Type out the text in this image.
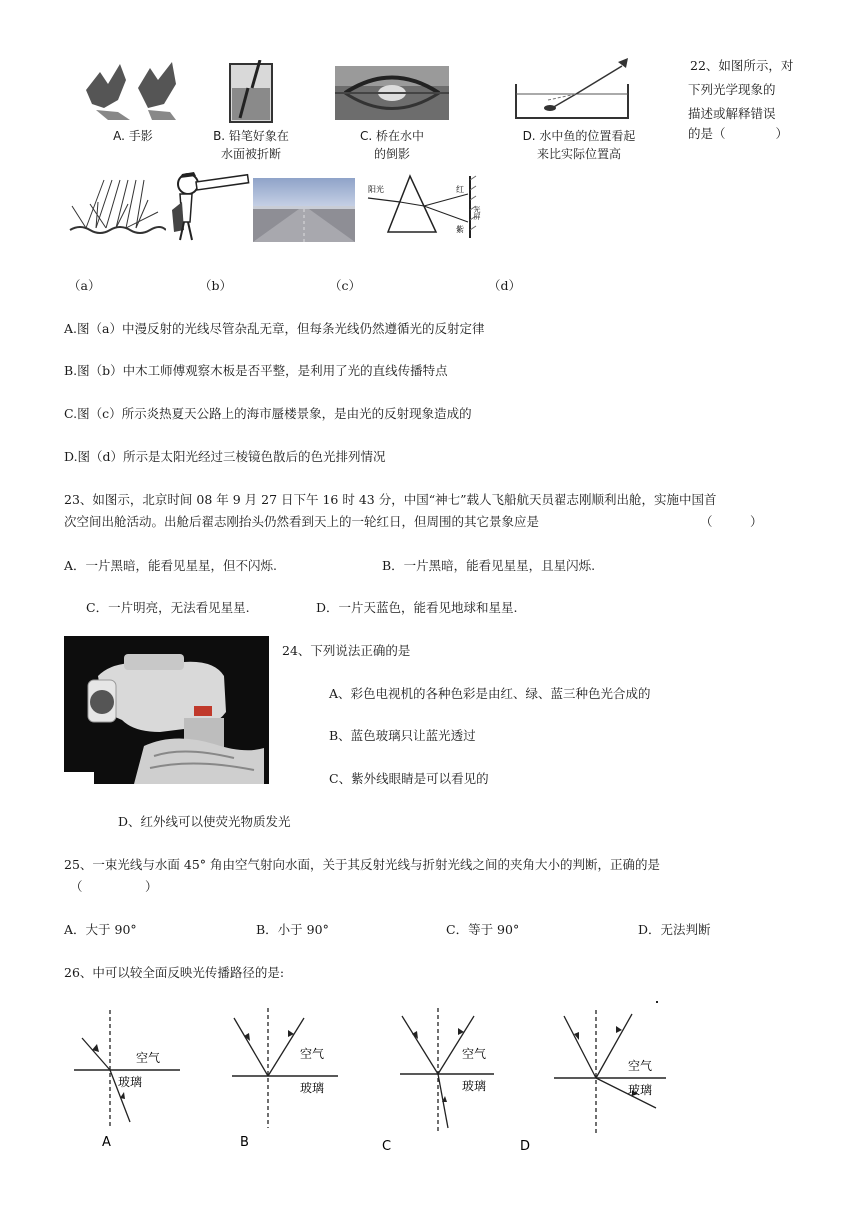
A. 手影	B. 铅笔好象在
水面被折断
C. 桥在水中
的倒影
D. 水中鱼的位置看起
来比实际位置高
22、如图所示，对
下列光学现象的
描述或解释错误
的是（　　　　）
阳光	红
紫
光屏
（a）	（b）	（c）	（d）
A.图（a）中漫反射的光线尽管杂乱无章，但每条光线仍然遵循光的反射定律
B.图（b）中木工师傅观察木板是否平整，是利用了光的直线传播特点
C.图（c）所示炎热夏天公路上的海市蜃楼景象，是由光的反射现象造成的
D.图（d）所示是太阳光经过三棱镜色散后的色光排列情况
23、如图示，北京时间 08 年 9 月 27 日下午 16 时 43 分，中国“神七”载人飞船航天员翟志刚顺利出舱，实施中国首
次空间出舱活动。出舱后翟志刚抬头仍然看到天上的一轮红日，但周围的其它景象应是	（　　　）
A．一片黑暗，能看见星星，但不闪烁.	B．一片黑暗，能看见星星，且星闪烁.
C．一片明亮，无法看见星星.	D．一片天蓝色，能看见地球和星星.
24、下列说法正确的是
A、彩色电视机的各种色彩是由红、绿、蓝三种色光合成的
B、蓝色玻璃只让蓝光透过
C、紫外线眼睛是可以看见的
D、红外线可以使荧光物质发光
25、一束光线与水面 45° 角由空气射向水面，关于其反射光线与折射光线之间的夹角大小的判断，正确的是
（　　　　　）
A．大于 90°	B．小于 90°	C．等于 90°	D．无法判断
26、中可以较全面反映光传播路径的是:
空气
玻璃
A
空气
玻璃
B
空气
玻璃
C
空气
玻璃
D
